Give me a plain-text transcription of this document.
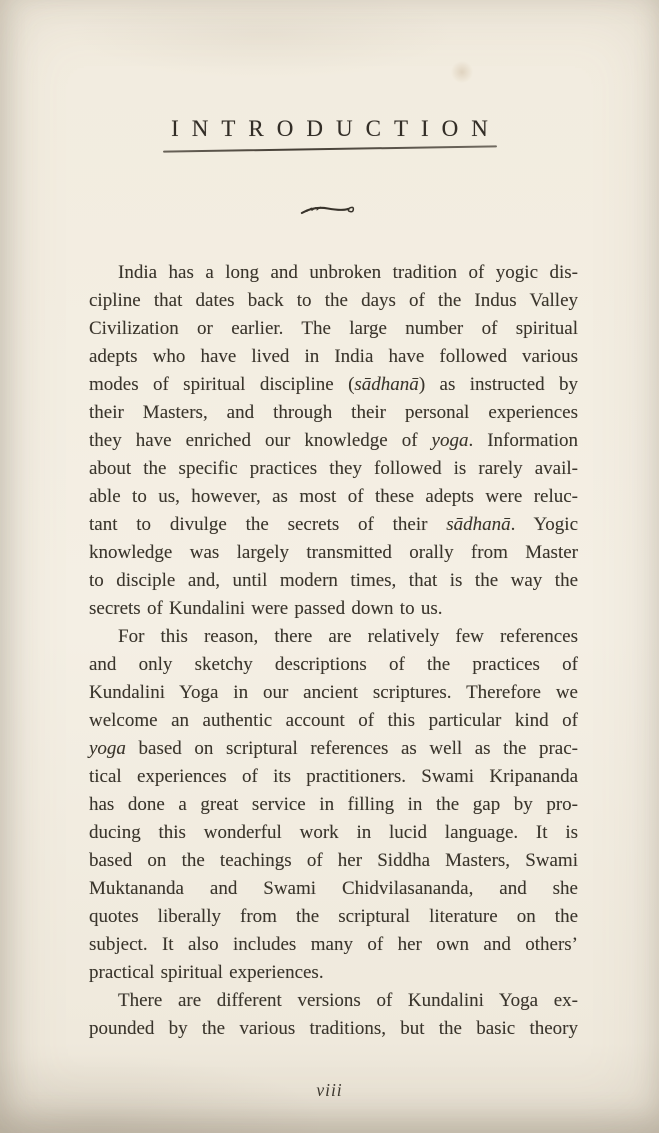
INTRODUCTION
India has a long and unbroken tradition of yogic dis-
cipline that dates back to the days of the Indus Valley
Civilization or earlier. The large number of spiritual
adepts who have lived in India have followed various
modes of spiritual discipline (sādhanā) as instructed by
their Masters, and through their personal experiences
they have enriched our knowledge of yoga. Information
about the specific practices they followed is rarely avail-
able to us, however, as most of these adepts were reluc-
tant to divulge the secrets of their sādhanā. Yogic
knowledge was largely transmitted orally from Master
to disciple and, until modern times, that is the way the
secrets of Kundalini were passed down to us.
For this reason, there are relatively few references
and only sketchy descriptions of the practices of
Kundalini Yoga in our ancient scriptures. Therefore we
welcome an authentic account of this particular kind of
yoga based on scriptural references as well as the prac-
tical experiences of its practitioners. Swami Kripananda
has done a great service in filling in the gap by pro-
ducing this wonderful work in lucid language. It is
based on the teachings of her Siddha Masters, Swami
Muktananda and Swami Chidvilasananda, and she
quotes liberally from the scriptural literature on the
subject. It also includes many of her own and others’
practical spiritual experiences.
There are different versions of Kundalini Yoga ex-
pounded by the various traditions, but the basic theory
viii
